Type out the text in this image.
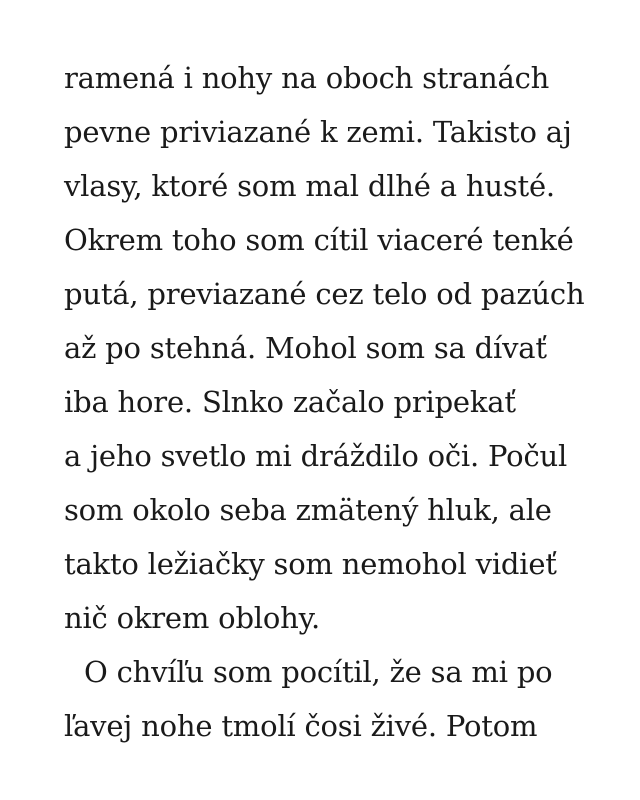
ramená i nohy na oboch stranách
pevne priviazané k zemi. Takisto aj
vlasy, ktoré som mal dlhé a husté.
Okrem toho som cítil viaceré tenké
putá, previazané cez telo od pazúch
až po stehná. Mohol som sa dívať
iba hore. Slnko začalo pripekať
a jeho svetlo mi dráždilo oči. Počul
som okolo seba zmätený hluk, ale
takto ležiačky som nemohol vidieť
nič okrem oblohy.
O chvíľu som pocítil, že sa mi po
ľavej nohe tmolí čosi živé. Potom
